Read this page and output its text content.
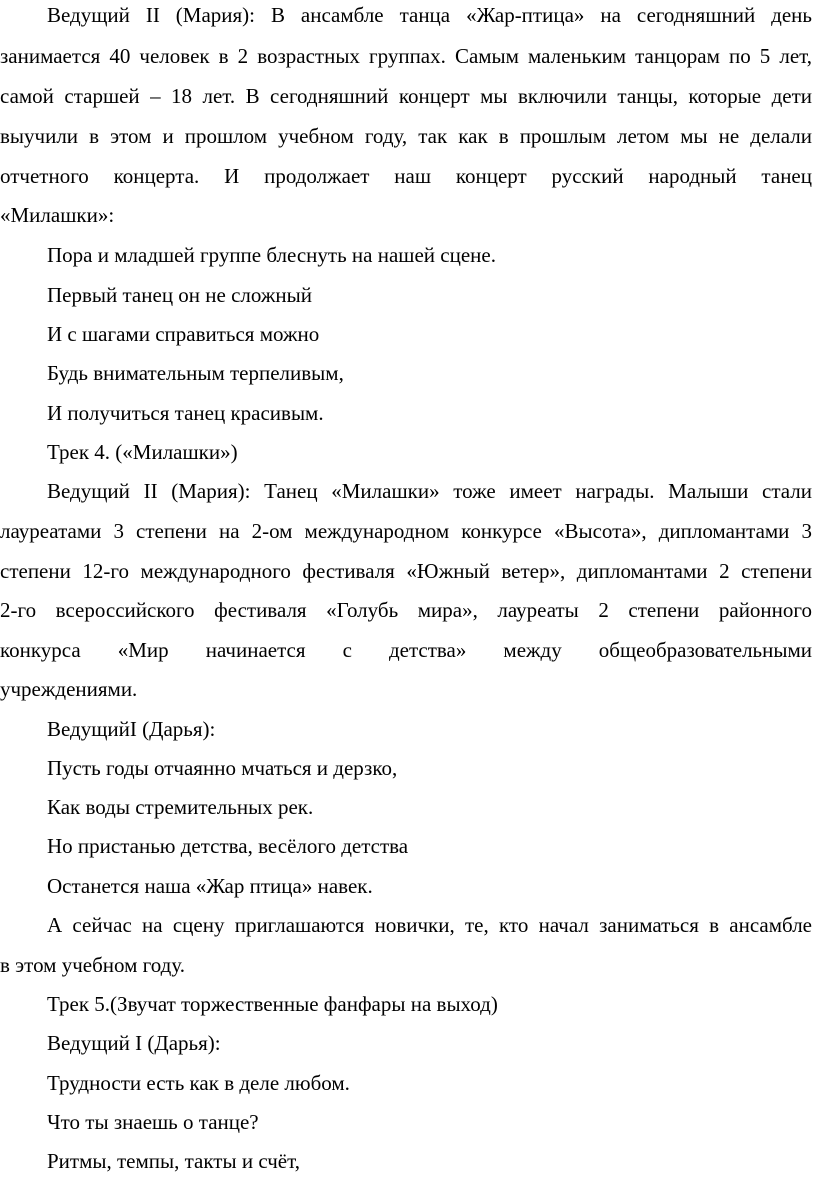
Ведущий II (Мария): В ансамбле танца «Жар-птица» на сегодняшний день
занимается 40 человек в 2 возрастных группах. Самым маленьким танцорам по 5 лет,
самой старшей – 18 лет. В сегодняшний концерт мы включили танцы, которые дети
выучили в этом и прошлом учебном году, так как в прошлым летом мы не делали
отчетного концерта. И продолжает наш концерт русский народный танец
«Милашки»:
Пора и младшей группе блеснуть на нашей сцене.
Первый танец он не сложный
И с шагами справиться можно
Будь внимательным терпеливым,
И получиться танец красивым.
Трек 4. («Милашки»)
Ведущий II (Мария): Танец «Милашки» тоже имеет награды. Малыши стали
лауреатами 3 степени на 2-ом международном конкурсе «Высота», дипломантами 3
степени 12-го международного фестиваля «Южный ветер», дипломантами 2 степени
2-го всероссийского фестиваля «Голубь мира», лауреаты 2 степени районного
конкурса «Мир начинается с детства» между общеобразовательными
учреждениями.
ВедущийI (Дарья):
Пусть годы отчаянно мчаться и дерзко,
Как воды стремительных рек.
Но пристанью детства, весёлого детства
Останется наша «Жар птица» навек.
А сейчас на сцену приглашаются новички, те, кто начал заниматься в ансамбле
в этом учебном году.
Трек 5.(Звучат торжественные фанфары на выход)
Ведущий I (Дарья):
Трудности есть как в деле любом.
Что ты знаешь о танце?
Ритмы, темпы, такты и счёт,
